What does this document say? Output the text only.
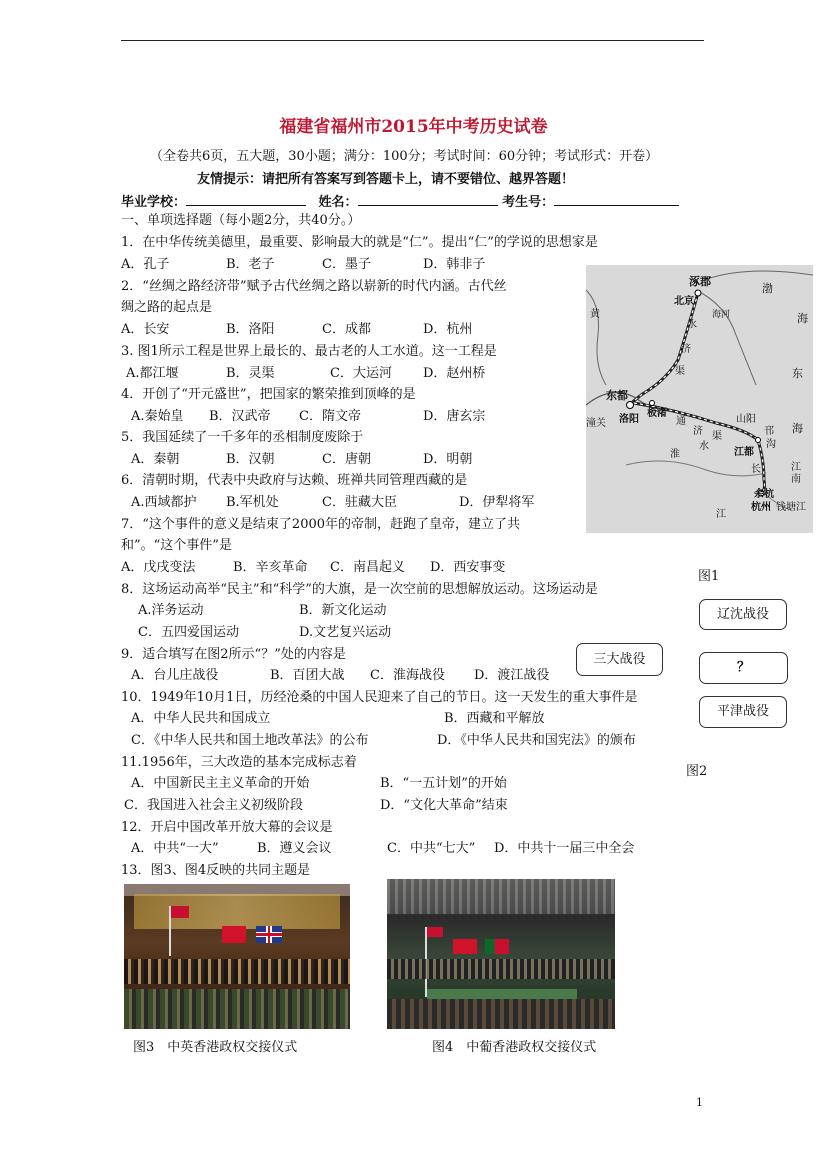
福建省福州市2015年中考历史试卷
（全卷共6页，五大题，30小题；满分：100分；考试时间：60分钟；考试形式：开卷）
友情提示：请把所有答案写到答题卡上，请不要错位、越界答题！
毕业学校：	姓名：	考生号：
一、单项选择题（每小题2分，共40分。）
1．在中华传统美德里，最重要、影响最大的就是“仁”。提出“仁”的学说的思想家是
A．孔子	B．老子	C．墨子	D．韩非子
2．“丝绸之路经济带”赋予古代丝绸之路以崭新的时代内涵。古代丝
绸之路的起点是
A．长安	B．洛阳	C．成都	D．杭州
3. 图1所示工程是世界上最长的、最古老的人工水道。这一工程是
A.都江堰	B．灵渠	C．大运河 D．赵州桥
4．开创了“开元盛世”，把国家的繁荣推到顶峰的是
A.秦始皇 B．汉武帝 C．隋文帝	D．唐玄宗
5．我国延续了一千多年的丞相制度废除于
A．秦朝	B．汉朝	C．唐朝	D．明朝
6．清朝时期，代表中央政府与达赖、班禅共同管理西藏的是
A.西域都护 B.军机处	C．驻藏大臣	D．伊犁将军
7．“这个事件的意义是结束了2000年的帝制，赶跑了皇帝，建立了共
和”。“这个事件”是
A．戊戌变法	B．辛亥革命 C．南昌起义 D．西安事变
8．这场运动高举“民主”和“科学”的大旗，是一次空前的思想解放运动。这场运动是
A.洋务运动	B．新文化运动
C．五四爱国运动	D.文艺复兴运动
9．适合填写在图2所示“？”处的内容是
A．台儿庄战役	B．百团大战 C．淮海战役 D．渡江战役
10．1949年10月1日，历经沧桑的中国人民迎来了自己的节日。这一天发生的重大事件是
A．中华人民共和国成立	B．西藏和平解放
C．《中华人民共和国土地改革法》的公布	D．《中华人民共和国宪法》的颁布
11.1956年，三大改造的基本完成标志着
A．中国新民主主义革命的开始	B．“一五计划”的开始
C．我国进入社会主义初级阶段	D．“文化大革命”结束
12．开启中国改革开放大幕的会议是
A．中共“一大”	B．遵义会议	C．中共“七大” D．中共十一届三中全会
13．图3、图4反映的共同主题是
涿郡
北京
渤
海河	海
永
济
渠
黄
东
东都
洛阳
板渚
潼关	通
济 渠
水
山阳
海
邗
沟
淮	江都
长	江
南
余杭
杭州 钱塘江
江
图1
辽沈战役
三大战役
？
平津战役
图2
图3　中英香港政权交接仪式	图4　中葡香港政权交接仪式
1
